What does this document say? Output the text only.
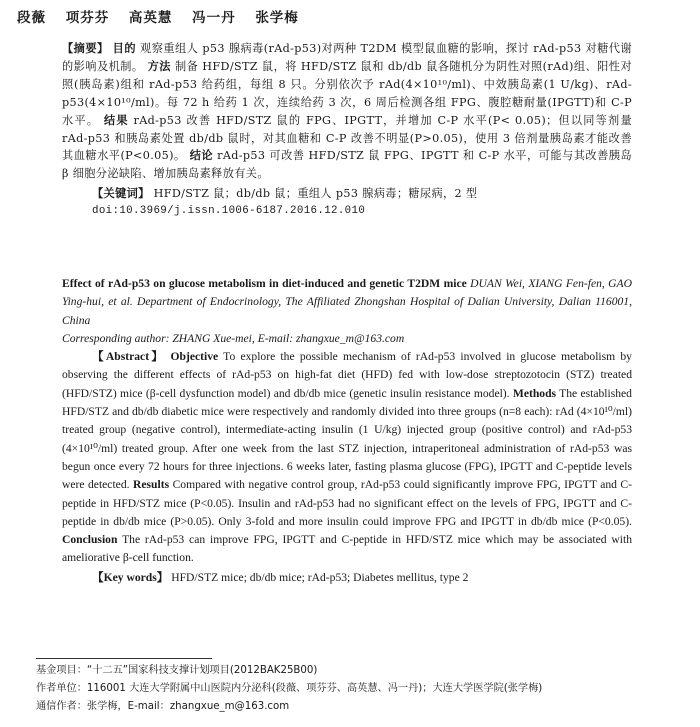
段薇 项芬芬 高英慧 冯一丹 张学梅
【摘要】 目的 观察重组人 p53 腺病毒(rAd-p53)对两种 T2DM 模型鼠血糖的影响，探讨 rAd-p53 对糖代谢的影响及机制。 方法 制备 HFD/STZ 鼠，将 HFD/STZ 鼠和 db/db 鼠各随机分为阴性对照(rAd)组、阳性对照(胰岛素)组和 rAd-p53 给药组，每组 8 只。分别依次予 rAd(4×10¹⁰/ml)、中效胰岛素(1 U/kg)、rAd-p53(4×10¹⁰/ml)。每 72 h 给药 1 次，连续给药 3 次，6 周后检测各组 FPG、腹腔糖耐量(IPGTT)和 C-P 水平。 结果 rAd-p53 改善 HFD/STZ 鼠的 FPG、IPGTT，并增加 C-P 水平(P< 0.05)；但以同等剂量 rAd-p53 和胰岛素处置 db/db 鼠时，对其血糖和 C-P 改善不明显(P>0.05)，使用 3 倍剂量胰岛素才能改善其血糖水平(P<0.05)。 结论 rAd-p53 可改善 HFD/STZ 鼠 FPG、IPGTT 和 C-P 水平，可能与其改善胰岛 β 细胞分泌缺陷、增加胰岛素释放有关。
【关键词】 HFD/STZ 鼠；db/db 鼠；重组人 p53 腺病毒；糖尿病，2 型
doi:10.3969/j.issn.1006-6187.2016.12.010
Effect of rAd-p53 on glucose metabolism in diet-induced and genetic T2DM mice DUAN Wei, XIANG Fen-fen, GAO Ying-hui, et al. Department of Endocrinology, The Affiliated Zhongshan Hospital of Dalian University, Dalian 116001, China
Corresponding author: ZHANG Xue-mei, E-mail: zhangxue_m@163.com
【Abstract】 Objective To explore the possible mechanism of rAd-p53 involved in glucose metabolism by observing the different effects of rAd-p53 on high-fat diet (HFD) fed with low-dose streptozotocin (STZ) treated (HFD/STZ) mice (β-cell dysfunction model) and db/db mice (genetic insulin resistance model). Methods The established HFD/STZ and db/db diabetic mice were respectively and randomly divided into three groups (n=8 each): rAd (4×10¹⁰/ml) treated group (negative control), intermediate-acting insulin (1 U/kg) injected group (positive control) and rAd-p53 (4×10¹⁰/ml) treated group. After one week from the last STZ injection, intraperitoneal administration of rAd-p53 was begun once every 72 hours for three injections. 6 weeks later, fasting plasma glucose (FPG), IPGTT and C-peptide levels were detected. Results Compared with negative control group, rAd-p53 could significantly improve FPG, IPGTT and C-peptide in HFD/STZ mice (P<0.05). Insulin and rAd-p53 had no significant effect on the levels of FPG, IPGTT and C-peptide in db/db mice (P>0.05). Only 3-fold and more insulin could improve FPG and IPGTT in db/db mice (P<0.05). Conclusion The rAd-p53 can improve FPG, IPGTT and C-peptide in HFD/STZ mice which may be associated with ameliorative β-cell function.
【Key words】 HFD/STZ mice; db/db mice; rAd-p53; Diabetes mellitus, type 2
基金项目：“十二五”国家科技支撑计划项目(2012BAK25B00)
作者单位：116001 大连大学附属中山医院内分泌科(段薇、项芬芬、高英慧、冯一丹)；大连大学医学院(张学梅)
通信作者：张学梅，E-mail：zhangxue_m@163.com
